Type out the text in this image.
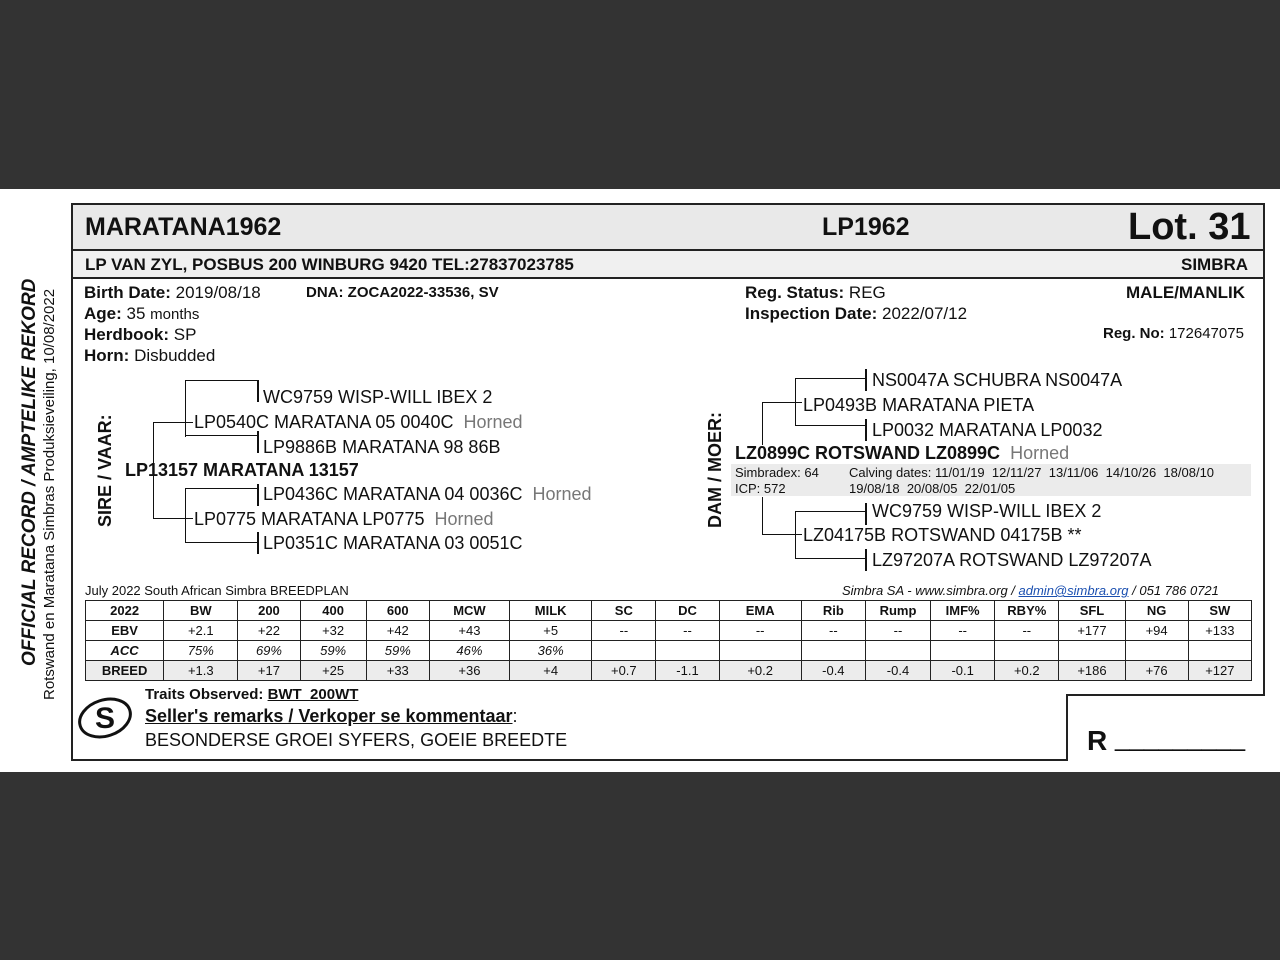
OFFICIAL RECORD / AMPTELIKE REKORD Rotswand en Maratana Simbras Produksieveiling, 10/08/2022
MARATANA1962	LP1962	Lot. 31
LP VAN ZYL, POSBUS 200 WINBURG 9420 TEL:27837023785	SIMBRA
Birth Date: 2019/08/18	DNA: ZOCA2022-33536, SV
Age: 35 months
Herdbook: SP
Horn: Disbudded
Reg. Status: REG	MALE/MANLIK
Inspection Date: 2022/07/12
Reg. No: 172647075
SIRE / VAAR:
WC9759 WISP-WILL IBEX 2
LP0540C MARATANA 05 0040C Horned
LP9886B MARATANA 98 86B
LP13157 MARATANA 13157
LP0436C MARATANA 04 0036C Horned
LP0775 MARATANA LP0775 Horned
LP0351C MARATANA 03 0051C
DAM / MOER:
NS0047A SCHUBRA NS0047A
LP0493B MARATANA PIETA
LP0032 MARATANA LP0032
LZ0899C ROTSWAND LZ0899C Horned
Simbradex: 64
ICP: 572
Calving dates: 11/01/19  12/11/27  13/11/06  14/10/26  18/08/10
19/08/18  20/08/05  22/01/05
WC9759 WISP-WILL IBEX 2
LZ04175B ROTSWAND 04175B **
LZ97207A ROTSWAND LZ97207A
July 2022 South African Simbra BREEDPLAN	Simbra SA - www.simbra.org / admin@simbra.org / 051 786 0721
2022	BW	200	400	600	MCW	MILK	SC	DC	EMA	Rib	Rump	IMF%	RBY%	SFL	NG	SW
EBV	+2.1	+22	+32	+42	+43	+5	--	--	--	--	--	--	--	+177	+94	+133
ACC	75%	69%	59%	59%	46%	36%										
BREED	+1.3	+17	+25	+33	+36	+4	+0.7	-1.1	+0.2	-0.4	-0.4	-0.1	+0.2	+186	+76	+127
S
Traits Observed: BWT  200WT
Seller's remarks / Verkoper se kommentaar:
BESONDERSE GROEI SYFERS, GOEIE BREEDTE	R _________
